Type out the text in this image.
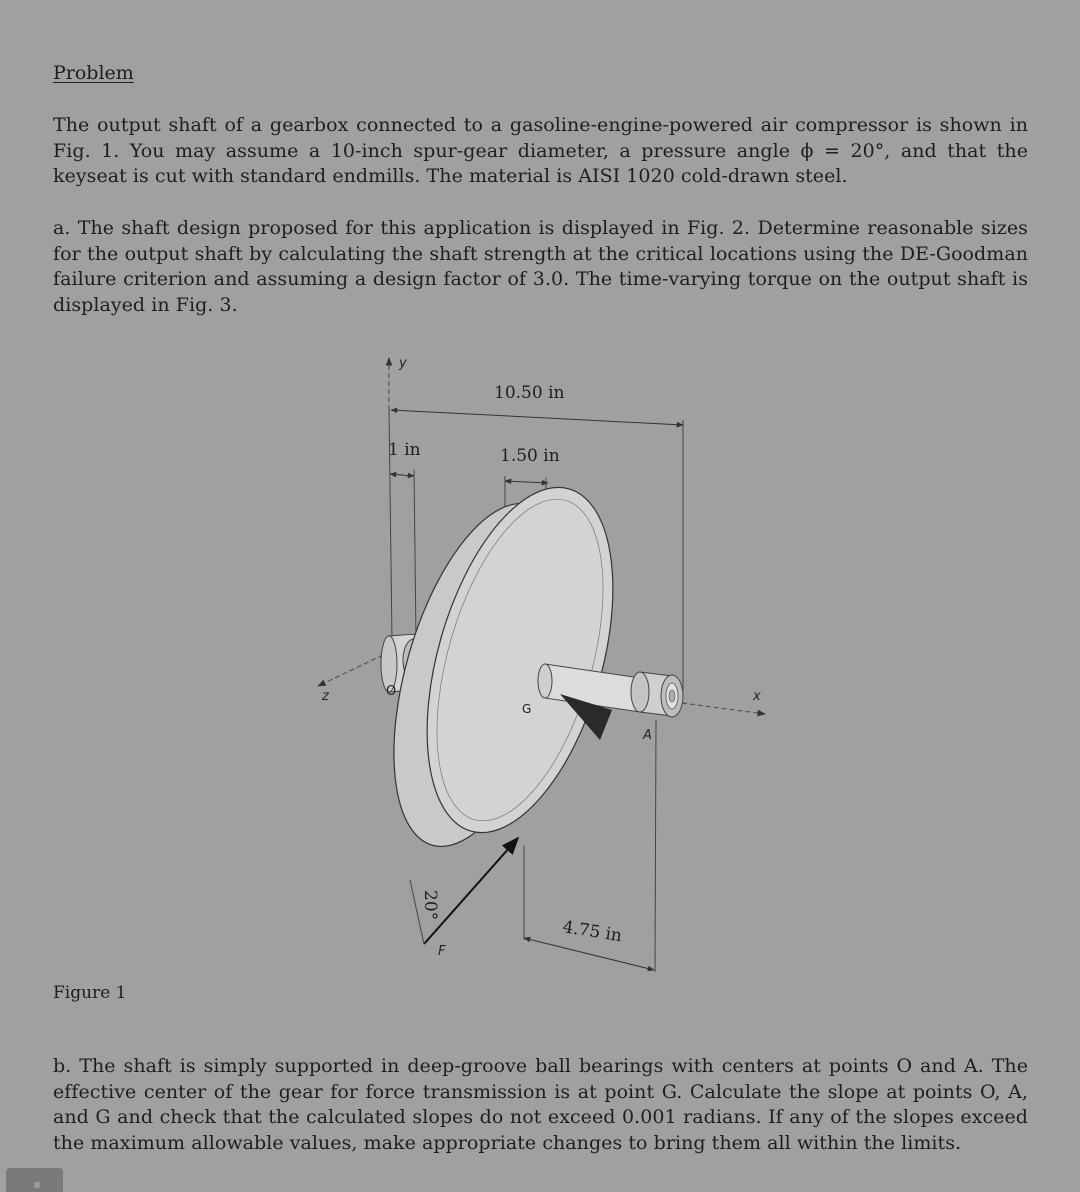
Problem

The output shaft of a gearbox connected to a gasoline-engine-powered air compressor is shown in Fig. 1. You may assume a 10-inch spur-gear diameter, a pressure angle ϕ = 20°, and that the keyseat is cut with standard endmills. The material is AISI 1020 cold-drawn steel.

a. The shaft design proposed for this application is displayed in Fig. 2. Determine reasonable sizes for the output shaft by calculating the shaft strength at the critical locations using the DE-Goodman failure criterion and assuming a design factor of 3.0. The time-varying torque on the output shaft is displayed in Fig. 3.

y
z	x
10.50 in
1 in	1.50 in
O
G
A
20°
F
4.75 in

Figure 1

b. The shaft is simply supported in deep-groove ball bearings with centers at points O and A. The effective center of the gear for force transmission is at point G. Calculate the slope at points O, A, and G and check that the calculated slopes do not exceed 0.001 radians. If any of the slopes exceed the maximum allowable values, make appropriate changes to bring them all within the limits.
